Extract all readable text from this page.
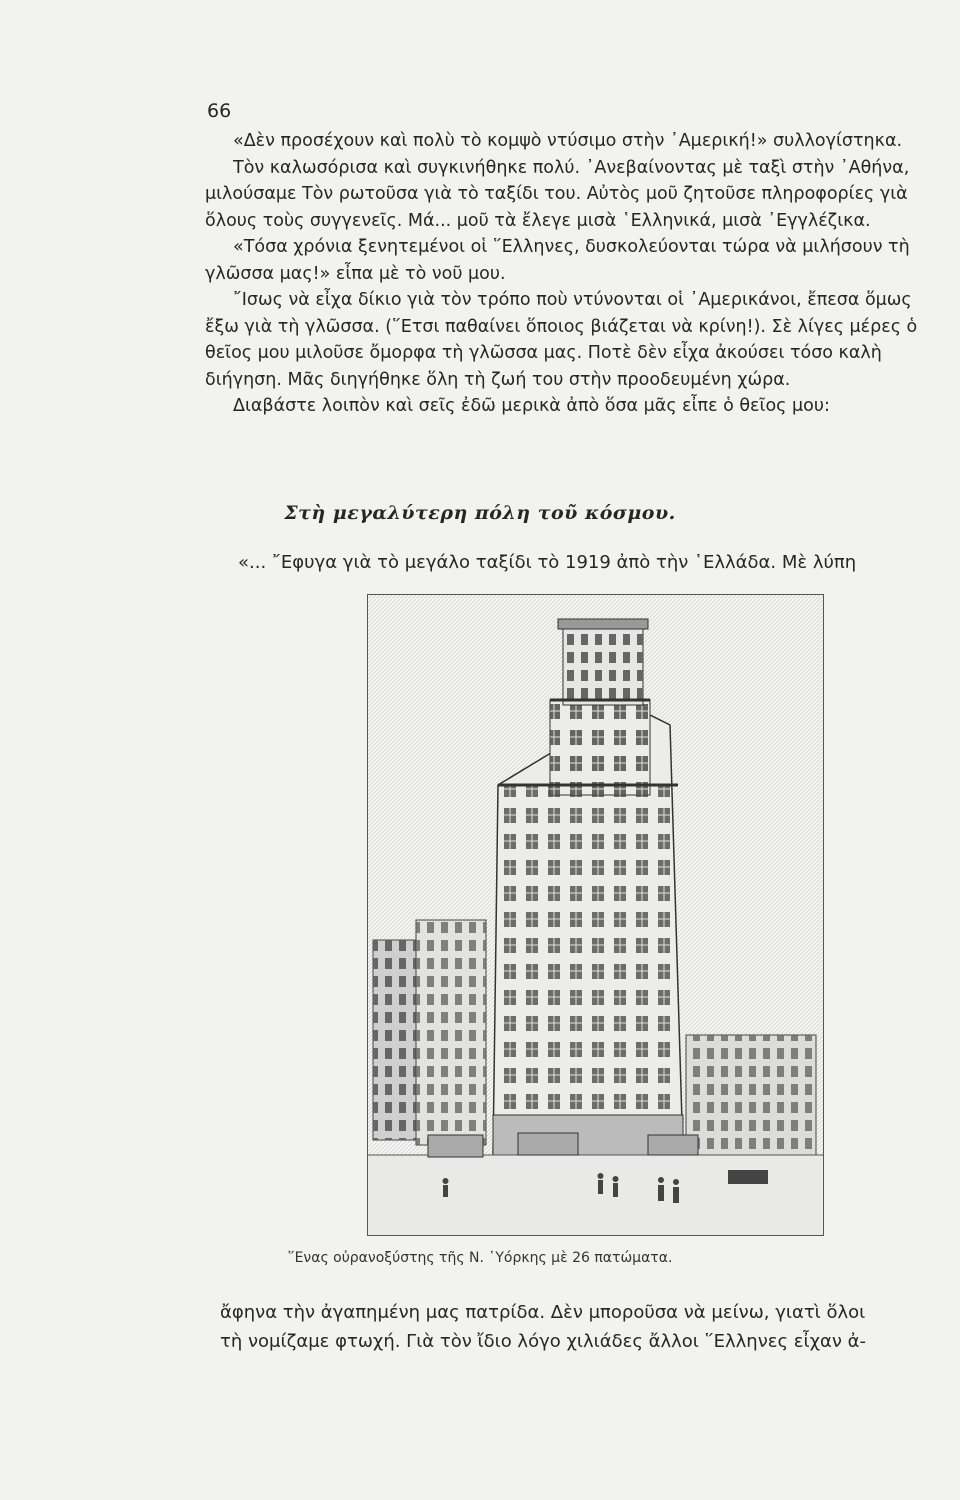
66

«Δὲν προσέχουν καὶ πολὺ τὸ κομψὸ ντύσιμο στὴν ᾿Αμερική!» συλλογίστηκα.

Τὸν καλωσόρισα καὶ συγκινήθηκε πολύ. ᾿Ανεβαίνοντας μὲ ταξὶ στὴν ᾿Αθήνα, μιλούσαμε Τὸν ρωτοῦσα γιὰ τὸ ταξίδι του. Αὐτὸς μοῦ ζητοῦσε πληροφορίες γιὰ ὅλους τοὺς συγγενεῖς. Μά... μοῦ τὰ ἔλεγε μισὰ ῾Ελληνικά, μισὰ ᾿Εγγλέζικα.

«Τόσα χρόνια ξενητεμένοι οἱ ῞Ελληνες, δυσκολεύονται τώρα νὰ μιλήσουν τὴ γλῶσσα μας!» εἶπα μὲ τὸ νοῦ μου.

῎Ισως νὰ εἶχα δίκιο γιὰ τὸν τρόπο ποὺ ντύνονται οἱ ᾿Αμερικάνοι, ἔπεσα ὅμως ἔξω γιὰ τὴ γλῶσσα. (῞Ετσι παθαίνει ὅποιος βιάζεται νὰ κρίνη!). Σὲ λίγες μέρες ὁ θεῖος μου μιλοῦσε ὄμορφα τὴ γλῶσσα μας. Ποτὲ δὲν εἶχα ἀκούσει τόσο καλὴ διήγηση. Μᾶς διηγήθηκε ὅλη τὴ ζωή του στὴν προοδευμένη χώρα.

Διαβάστε λοιπὸν καὶ σεῖς ἐδῶ μερικὰ ἀπὸ ὅσα μᾶς εἶπε ὁ θεῖος μου:

Στὴ μεγαλύτερη πόλη τοῦ κόσμου.
«... ῎Εφυγα γιὰ τὸ μεγάλο ταξίδι τὸ 1919 ἀπὸ τὴν ῾Ελλάδα. Μὲ λύπη
῞Ενας οὐρανοξύστης τῆς Ν. ῾Υόρκης μὲ 26 πατώματα.

ἄφηνα τὴν ἀγαπημένη μας πατρίδα. Δὲν μποροῦσα νὰ μείνω, γιατὶ ὅλοι

τὴ νομίζαμε φτωχή. Γιὰ τὸν ἴδιο λόγο χιλιάδες ἄλλοι ῞Ελληνες εἶχαν ἀ-
